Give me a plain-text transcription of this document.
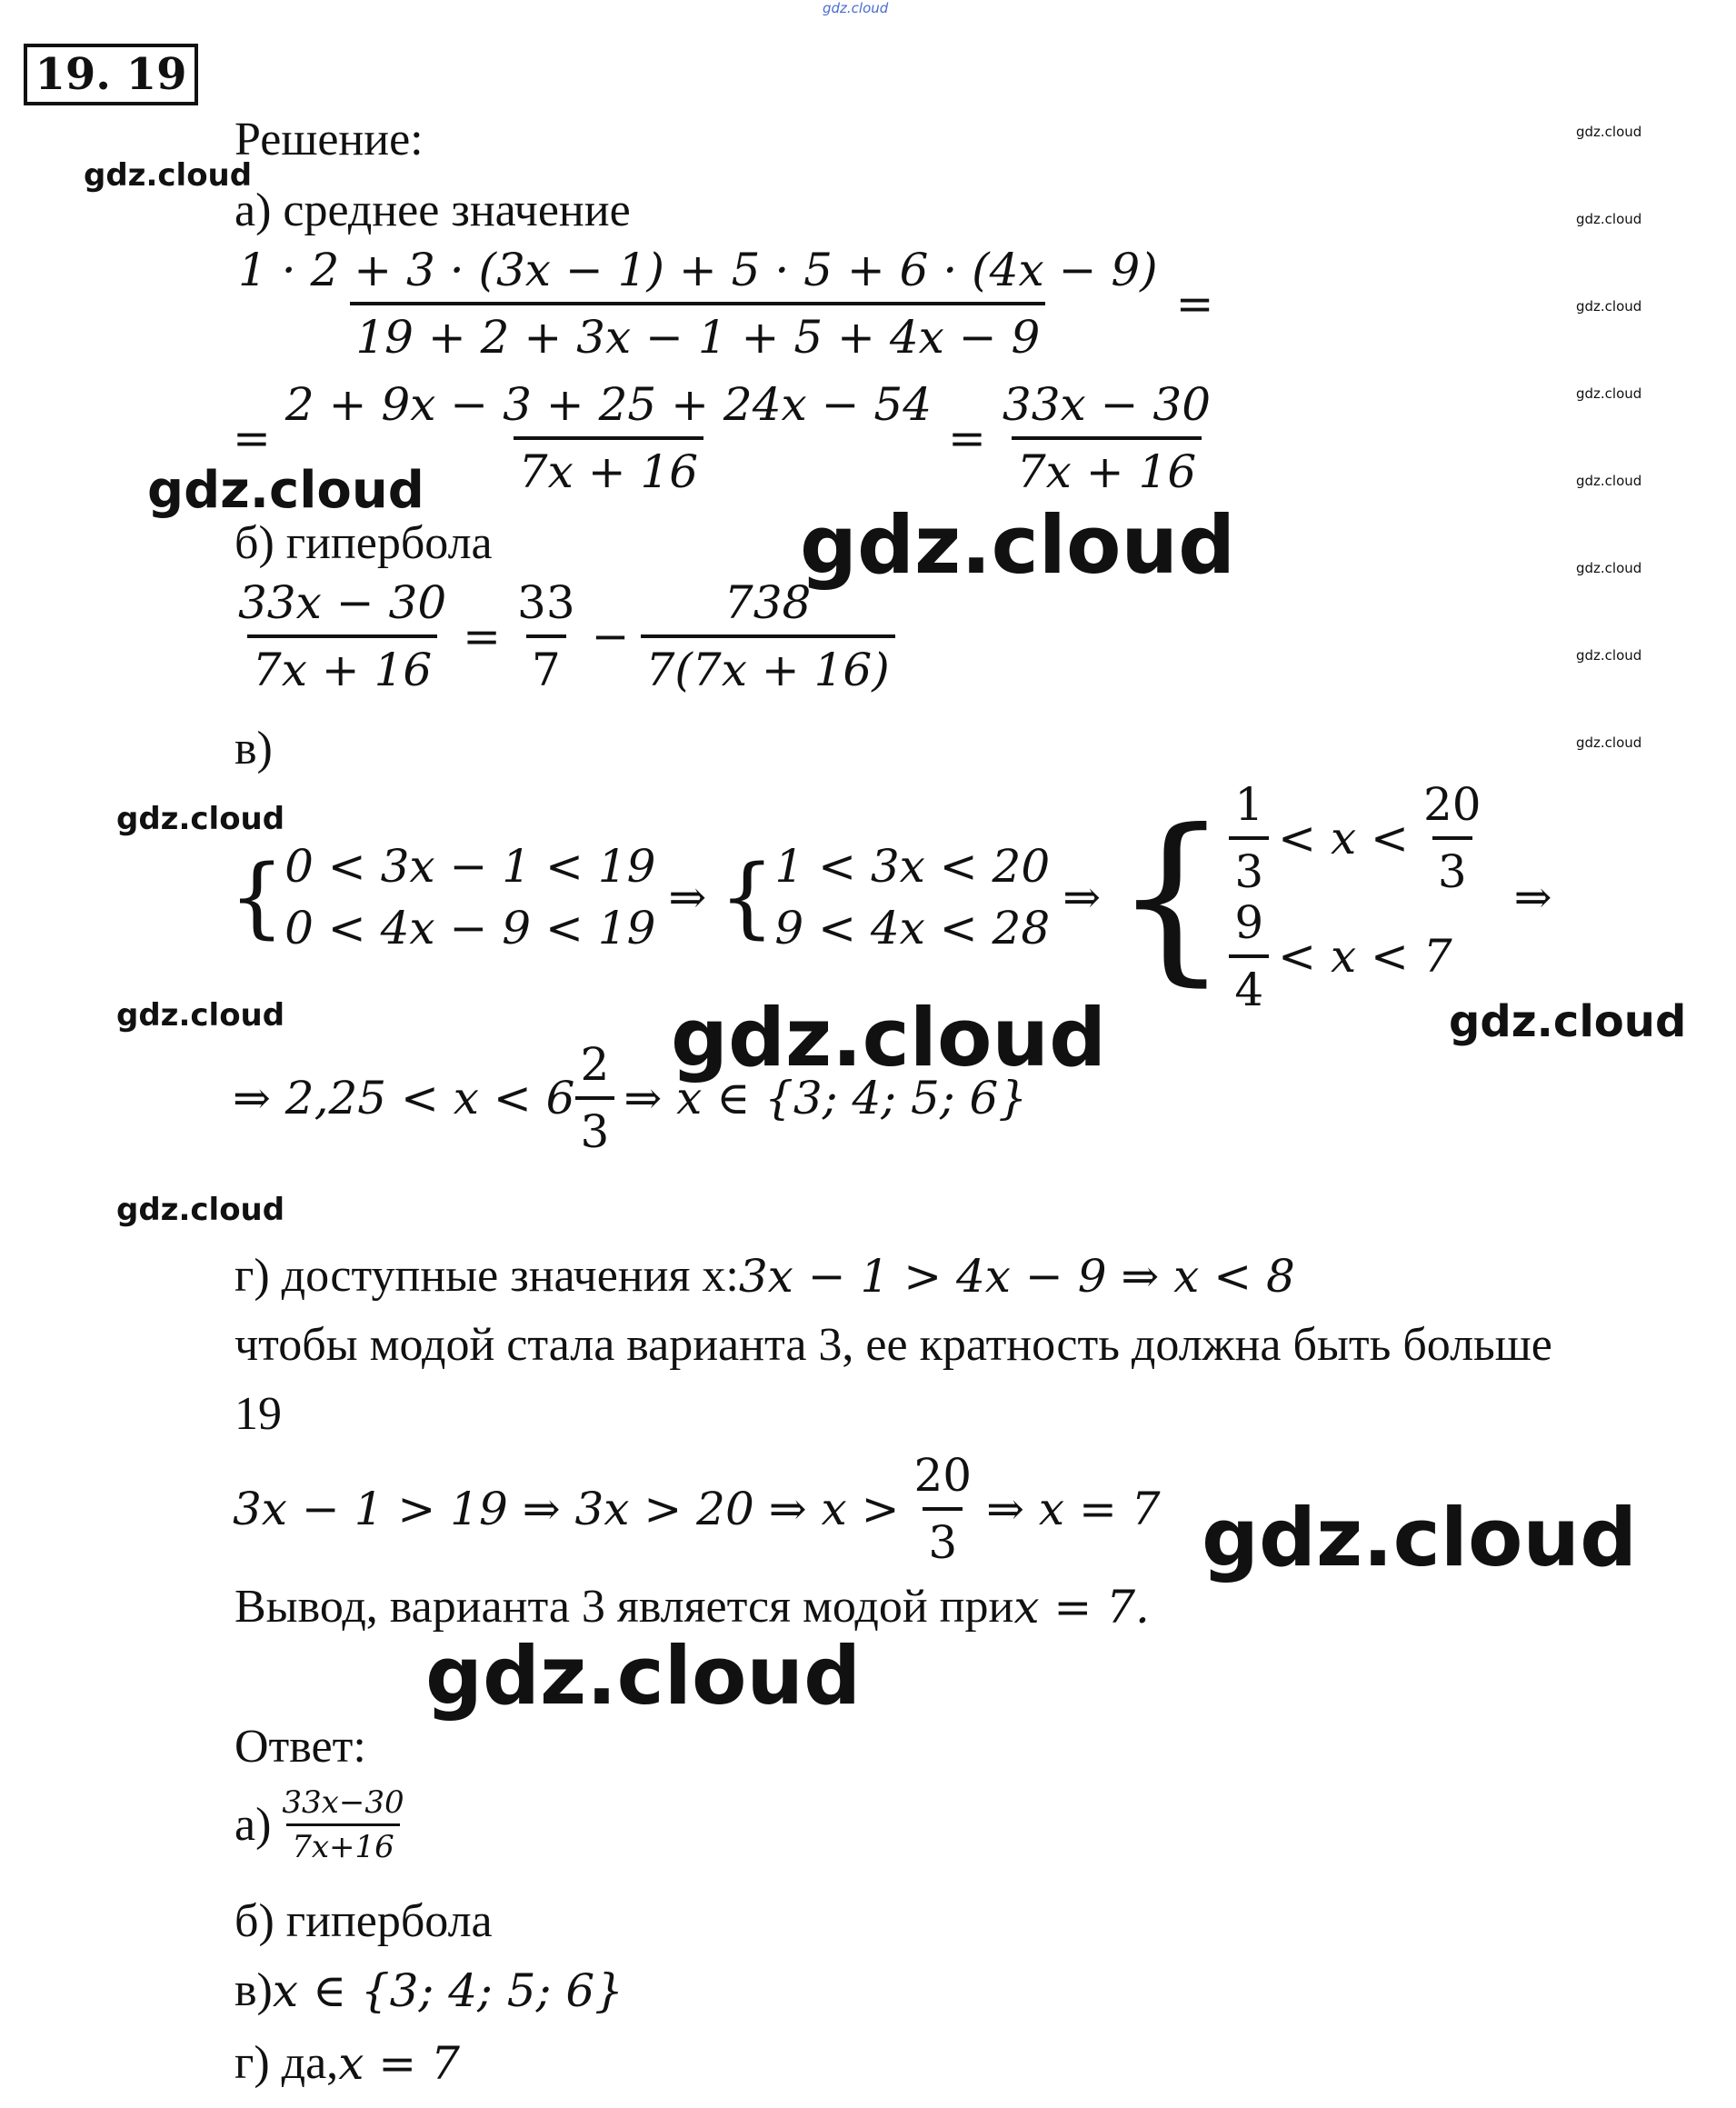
gdz.cloud
19. 19
Решение:
а) среднее значение
$\frac{1 \cdot 2 + 3 \cdot (3x - 1) + 5 \cdot 5 + 6 \cdot (4x - 9)}{19 + 2 + 3x - 1 + 5 + 4x - 9}$ =
= $\frac{2 + 9x - 3 + 25 + 24x - 54}{7x + 16} = \frac{33x - 30}{7x + 16}$
б) гипербола
$\frac{33x - 30}{7x + 16} = \frac{33}{7} - \frac{738}{7(7x + 16)}$
в)
{ 0 < 3x − 1 < 19
0 < 4x − 9 < 19
⇒ { 1 < 3x < 20
9 < 4x < 28
⇒ { $\frac{1}{3} < x < \frac{20}{3}$
$\frac{9}{4} < x < 7$
⇒
⇒ $2,25 < x < 6 \frac{2}{3}$ ⇒ x ∈ {3; 4; 5; 6}
г) доступные значения х: 3x − 1 > 4x − 9 ⇒ x < 8
чтобы модой стала варианта 3, ее кратность должна быть больше
19
3x − 1 > 19 ⇒ 3x > 20 ⇒ $x > \frac{20}{3}$ ⇒ x = 7
Вывод, варианта 3 является модой при x = 7.
Ответ:
$а) \frac{33x-30}{7x+16}$
б) гипербола
в) x ∈ {3; 4; 5; 6}
г) да, x = 7
gdz.cloud
gdz.cloud
gdz.cloud
gdz.cloud
gdz.cloud	gdz.cloud	gdz.cloud
gdz.cloud
gdz.cloud
gdz.cloud
gdz.cloud
gdz.cloud
gdz.cloud
gdz.cloud
gdz.cloud
gdz.cloud
gdz.cloud
gdz.cloud
